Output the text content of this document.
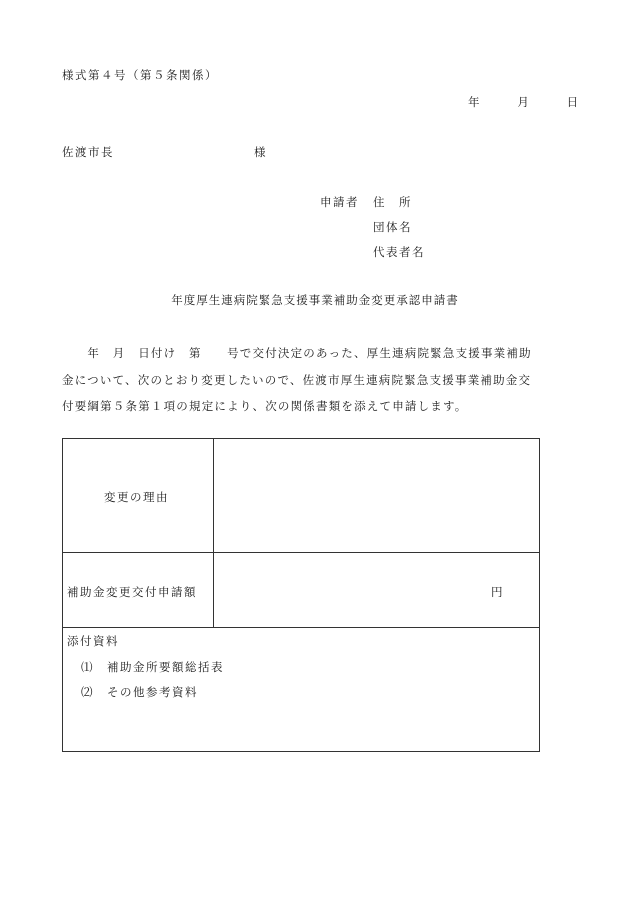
様式第４号（第５条関係）
年	月	日
佐渡市長	様
申請者 住　所
団体名
代表者名
年度厚生連病院緊急支援事業補助金変更承認申請書

　　年　月　日付け　第　　号で交付決定のあった、厚生連病院緊急支援事業補助

金について、次のとおり変更したいので、佐渡市厚生連病院緊急支援事業補助金交

付要綱第５条第１項の規定により、次の関係書類を添えて申請します。

変更の理由
補助金変更交付申請額	円
添付資料
⑴　補助金所要額総括表
⑵　その他参考資料
